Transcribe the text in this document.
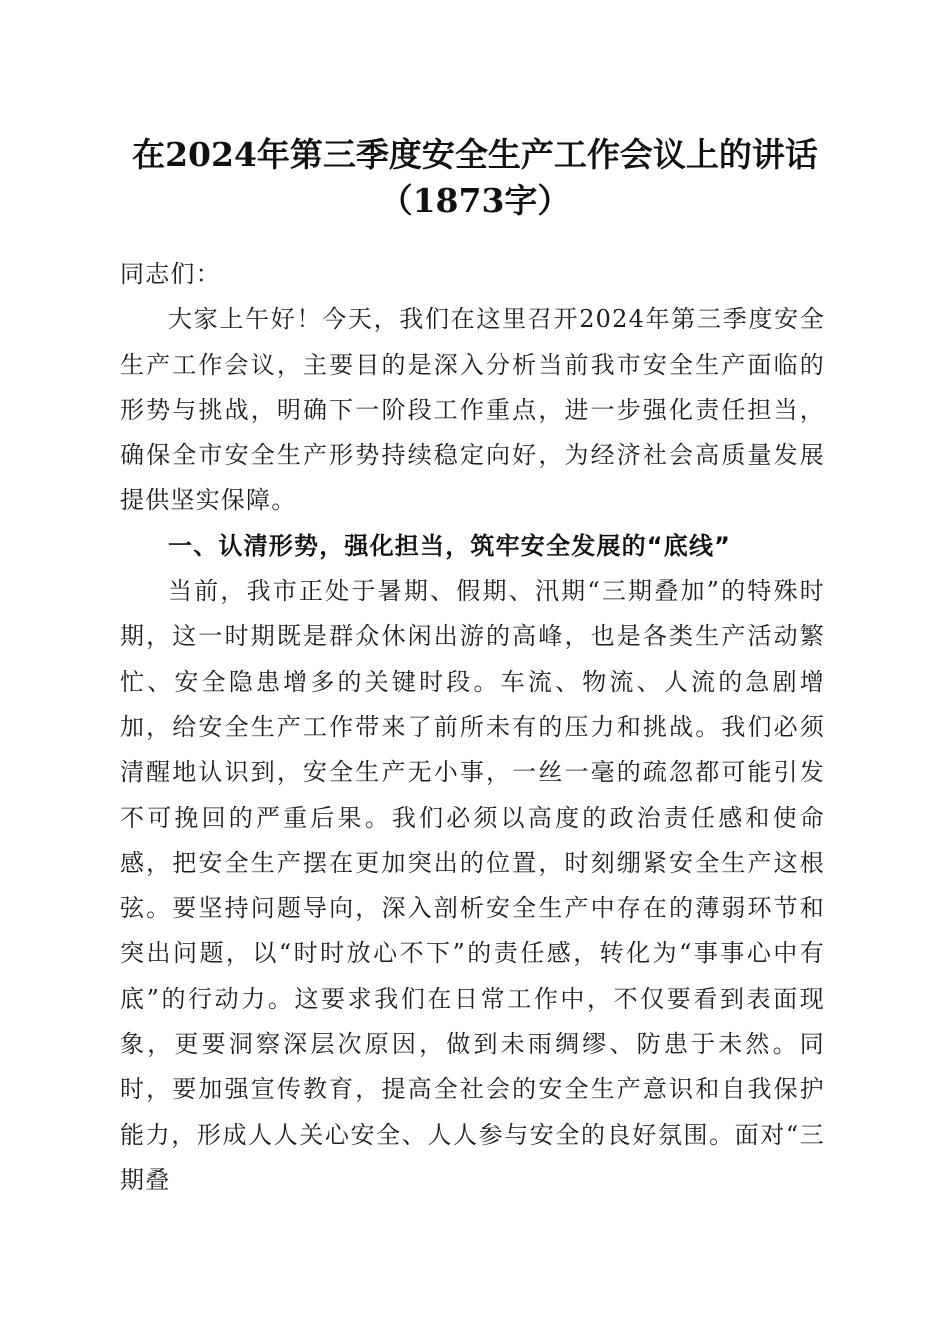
在2024年第三季度安全生产工作会议上的讲话（1873字）

同志们：

大家上午好！今天，我们在这里召开2024年第三季度安全生产工作会议，主要目的是深入分析当前我市安全生产面临的形势与挑战，明确下一阶段工作重点，进一步强化责任担当，确保全市安全生产形势持续稳定向好，为经济社会高质量发展提供坚实保障。

一、认清形势，强化担当，筑牢安全发展的“底线”

当前，我市正处于暑期、假期、汛期“三期叠加”的特殊时期，这一时期既是群众休闲出游的高峰，也是各类生产活动繁忙、安全隐患增多的关键时段。车流、物流、人流的急剧增加，给安全生产工作带来了前所未有的压力和挑战。我们必须清醒地认识到，安全生产无小事，一丝一毫的疏忽都可能引发不可挽回的严重后果。我们必须以高度的政治责任感和使命感，把安全生产摆在更加突出的位置，时刻绷紧安全生产这根弦。要坚持问题导向，深入剖析安全生产中存在的薄弱环节和突出问题，以“时时放心不下”的责任感，转化为“事事心中有底”的行动力。这要求我们在日常工作中，不仅要看到表面现象，更要洞察深层次原因，做到未雨绸缪、防患于未然。同时，要加强宣传教育，提高全社会的安全生产意识和自我保护能力，形成人人关心安全、人人参与安全的良好氛围。面对“三期叠
